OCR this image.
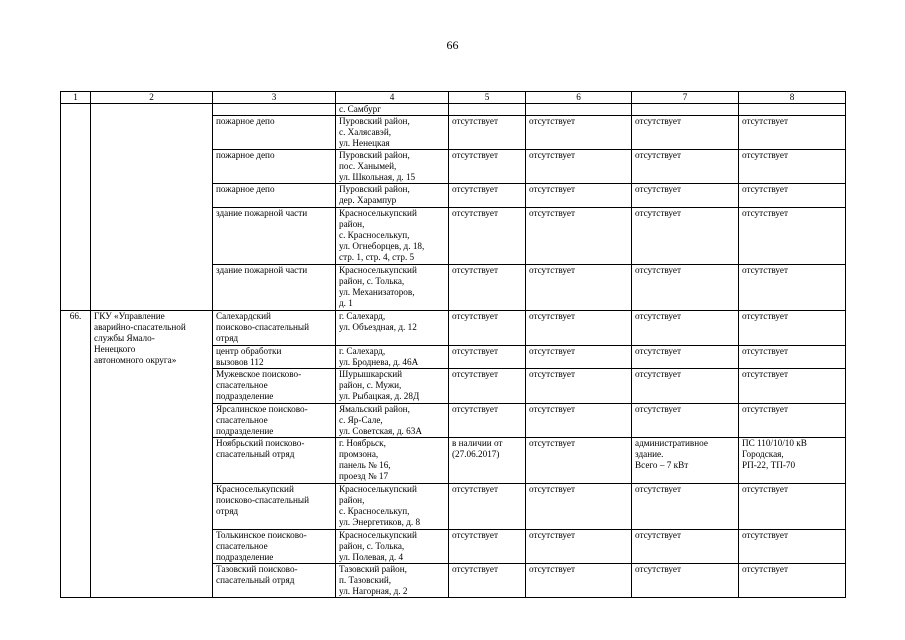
66
1	2	3	4	5	6	7	8

			с. Самбург				

		пожарное депо	Пуровский район,
с. Халясавэй,
ул. Ненецкая	отсутствует	отсутствует	отсутствует	отсутствует

		пожарное депо	Пуровский район,
пос. Ханымей,
ул. Школьная, д. 15	отсутствует	отсутствует	отсутствует	отсутствует

		пожарное депо	Пуровский район,
дер. Харампур	отсутствует	отсутствует	отсутствует	отсутствует

		здание пожарной части	Красноселькупский
район,
с. Красноселькуп,
ул. Огнеборцев, д. 18,
стр. 1, стр. 4, стр. 5	отсутствует	отсутствует	отсутствует	отсутствует

		здание пожарной части	Красноселькупский
район, с. Толька,
ул. Механизаторов,
д. 1	отсутствует	отсутствует	отсутствует	отсутствует

66.	ГКУ «Управление
аварийно-спасательной
службы Ямало-
Ненецкого
автономного округа»	Салехардский
поисково-спасательный
отряд	г. Салехард,
ул. Объездная, д. 12	отсутствует	отсутствует	отсутствует	отсутствует

		центр обработки
вызовов 112	г. Салехард,
ул. Броднева, д. 46А	отсутствует	отсутствует	отсутствует	отсутствует

		Мужевское поисково-
спасательное
подразделение	Шурышкарский
район, с. Мужи,
ул. Рыбацкая, д. 28Д	отсутствует	отсутствует	отсутствует	отсутствует

		Ярсалинское поисково-
спасательное
подразделение	Ямальский район,
с. Яр-Сале,
ул. Советская, д. 63А	отсутствует	отсутствует	отсутствует	отсутствует

		Ноябрьский поисково-
спасательный отряд	г. Ноябрьск,
промзона,
панель № 16,
проезд № 17	в наличии от
(27.06.2017)	отсутствует	административное
здание.
Всего – 7 кВт	ПС 110/10/10 кВ
Городская,
РП-22, ТП-70

		Красноселькупский
поисково-спасательный
отряд	Красноселькупский
район,
с. Красноселькуп,
ул. Энергетиков, д. 8	отсутствует	отсутствует	отсутствует	отсутствует

		Толькинское поисково-
спасательное
подразделение	Красноселькупский
район, с. Толька,
ул. Полевая, д. 4	отсутствует	отсутствует	отсутствует	отсутствует

		Тазовский поисково-
спасательный отряд	Тазовский район,
п. Тазовский,
ул. Нагорная, д. 2	отсутствует	отсутствует	отсутствует	отсутствует
